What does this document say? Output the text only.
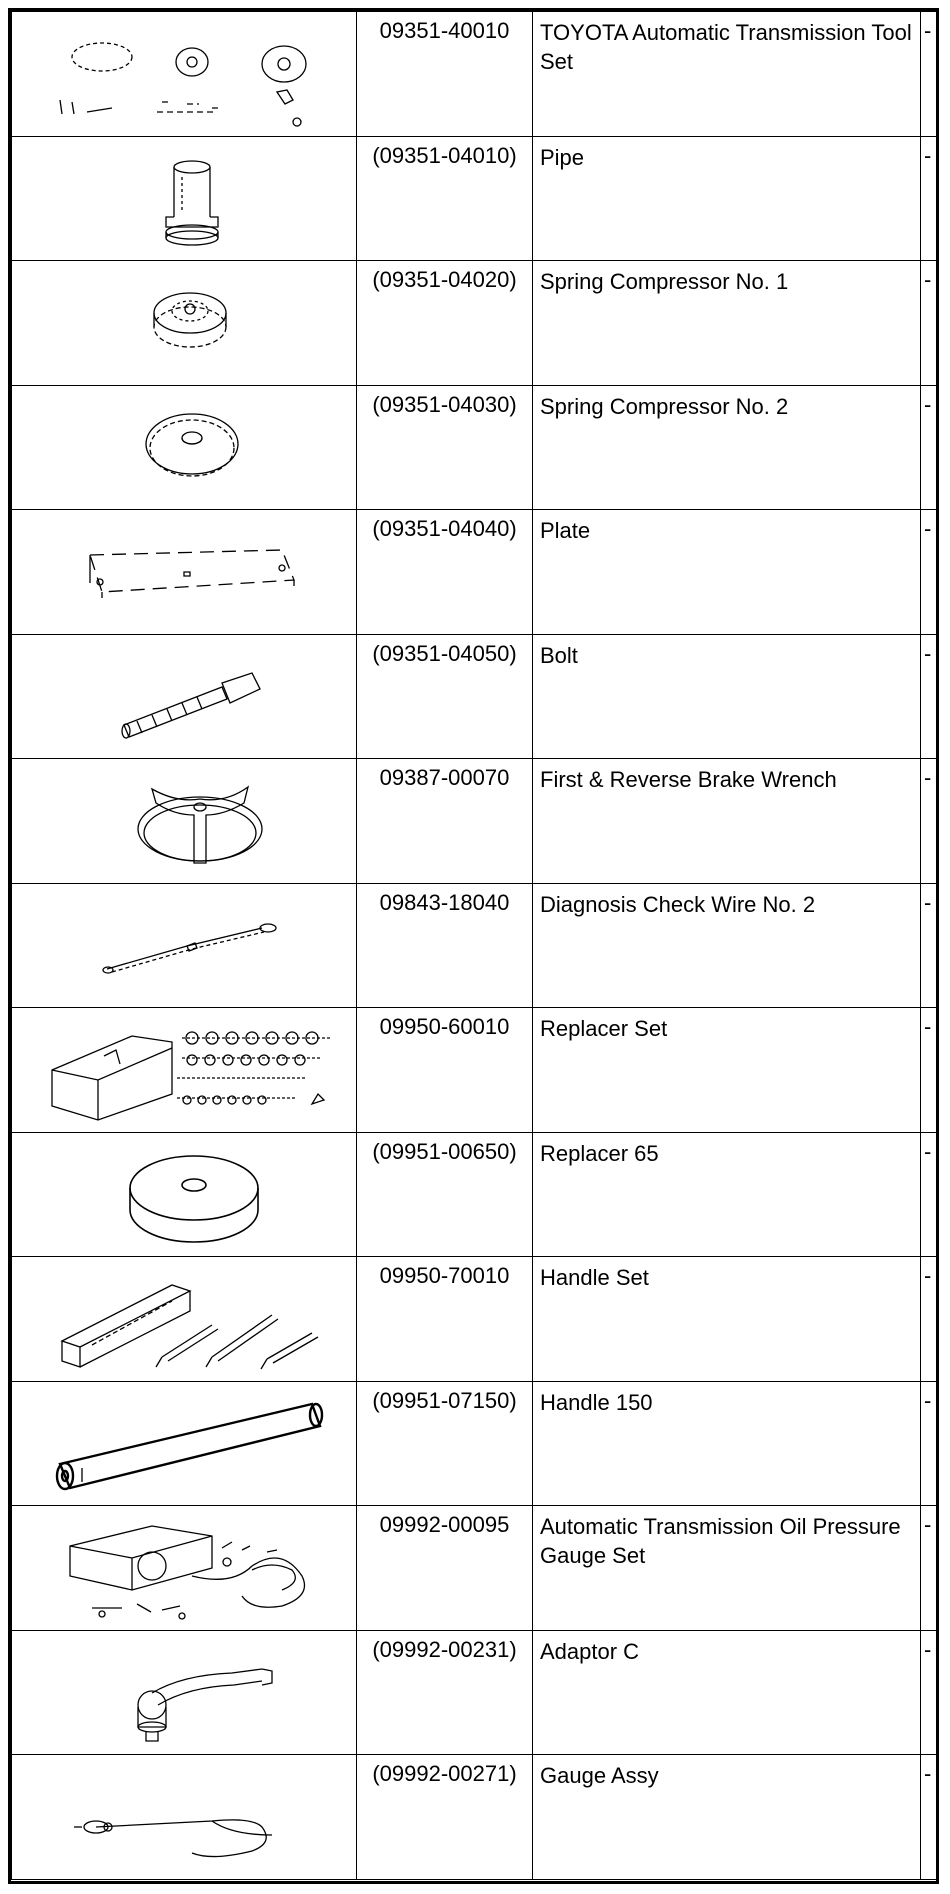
	09351-40010	TOYOTA Automatic Transmission Tool Set	-

	(09351-04010)	Pipe	-

	(09351-04020)	Spring Compressor No. 1	-

	(09351-04030)	Spring Compressor No. 2	-

	(09351-04040)	Plate	-

	(09351-04050)	Bolt	-

	09387-00070	First & Reverse Brake Wrench	-

	09843-18040	Diagnosis Check Wire No. 2	-

	09950-60010	Replacer Set	-

	(09951-00650)	Replacer 65	-

	09950-70010	Handle Set	-

	(09951-07150)	Handle 150	-

	09992-00095	Automatic Transmission Oil Pressure Gauge Set	-

	(09992-00231)	Adaptor C	-

	(09992-00271)	Gauge Assy	-
